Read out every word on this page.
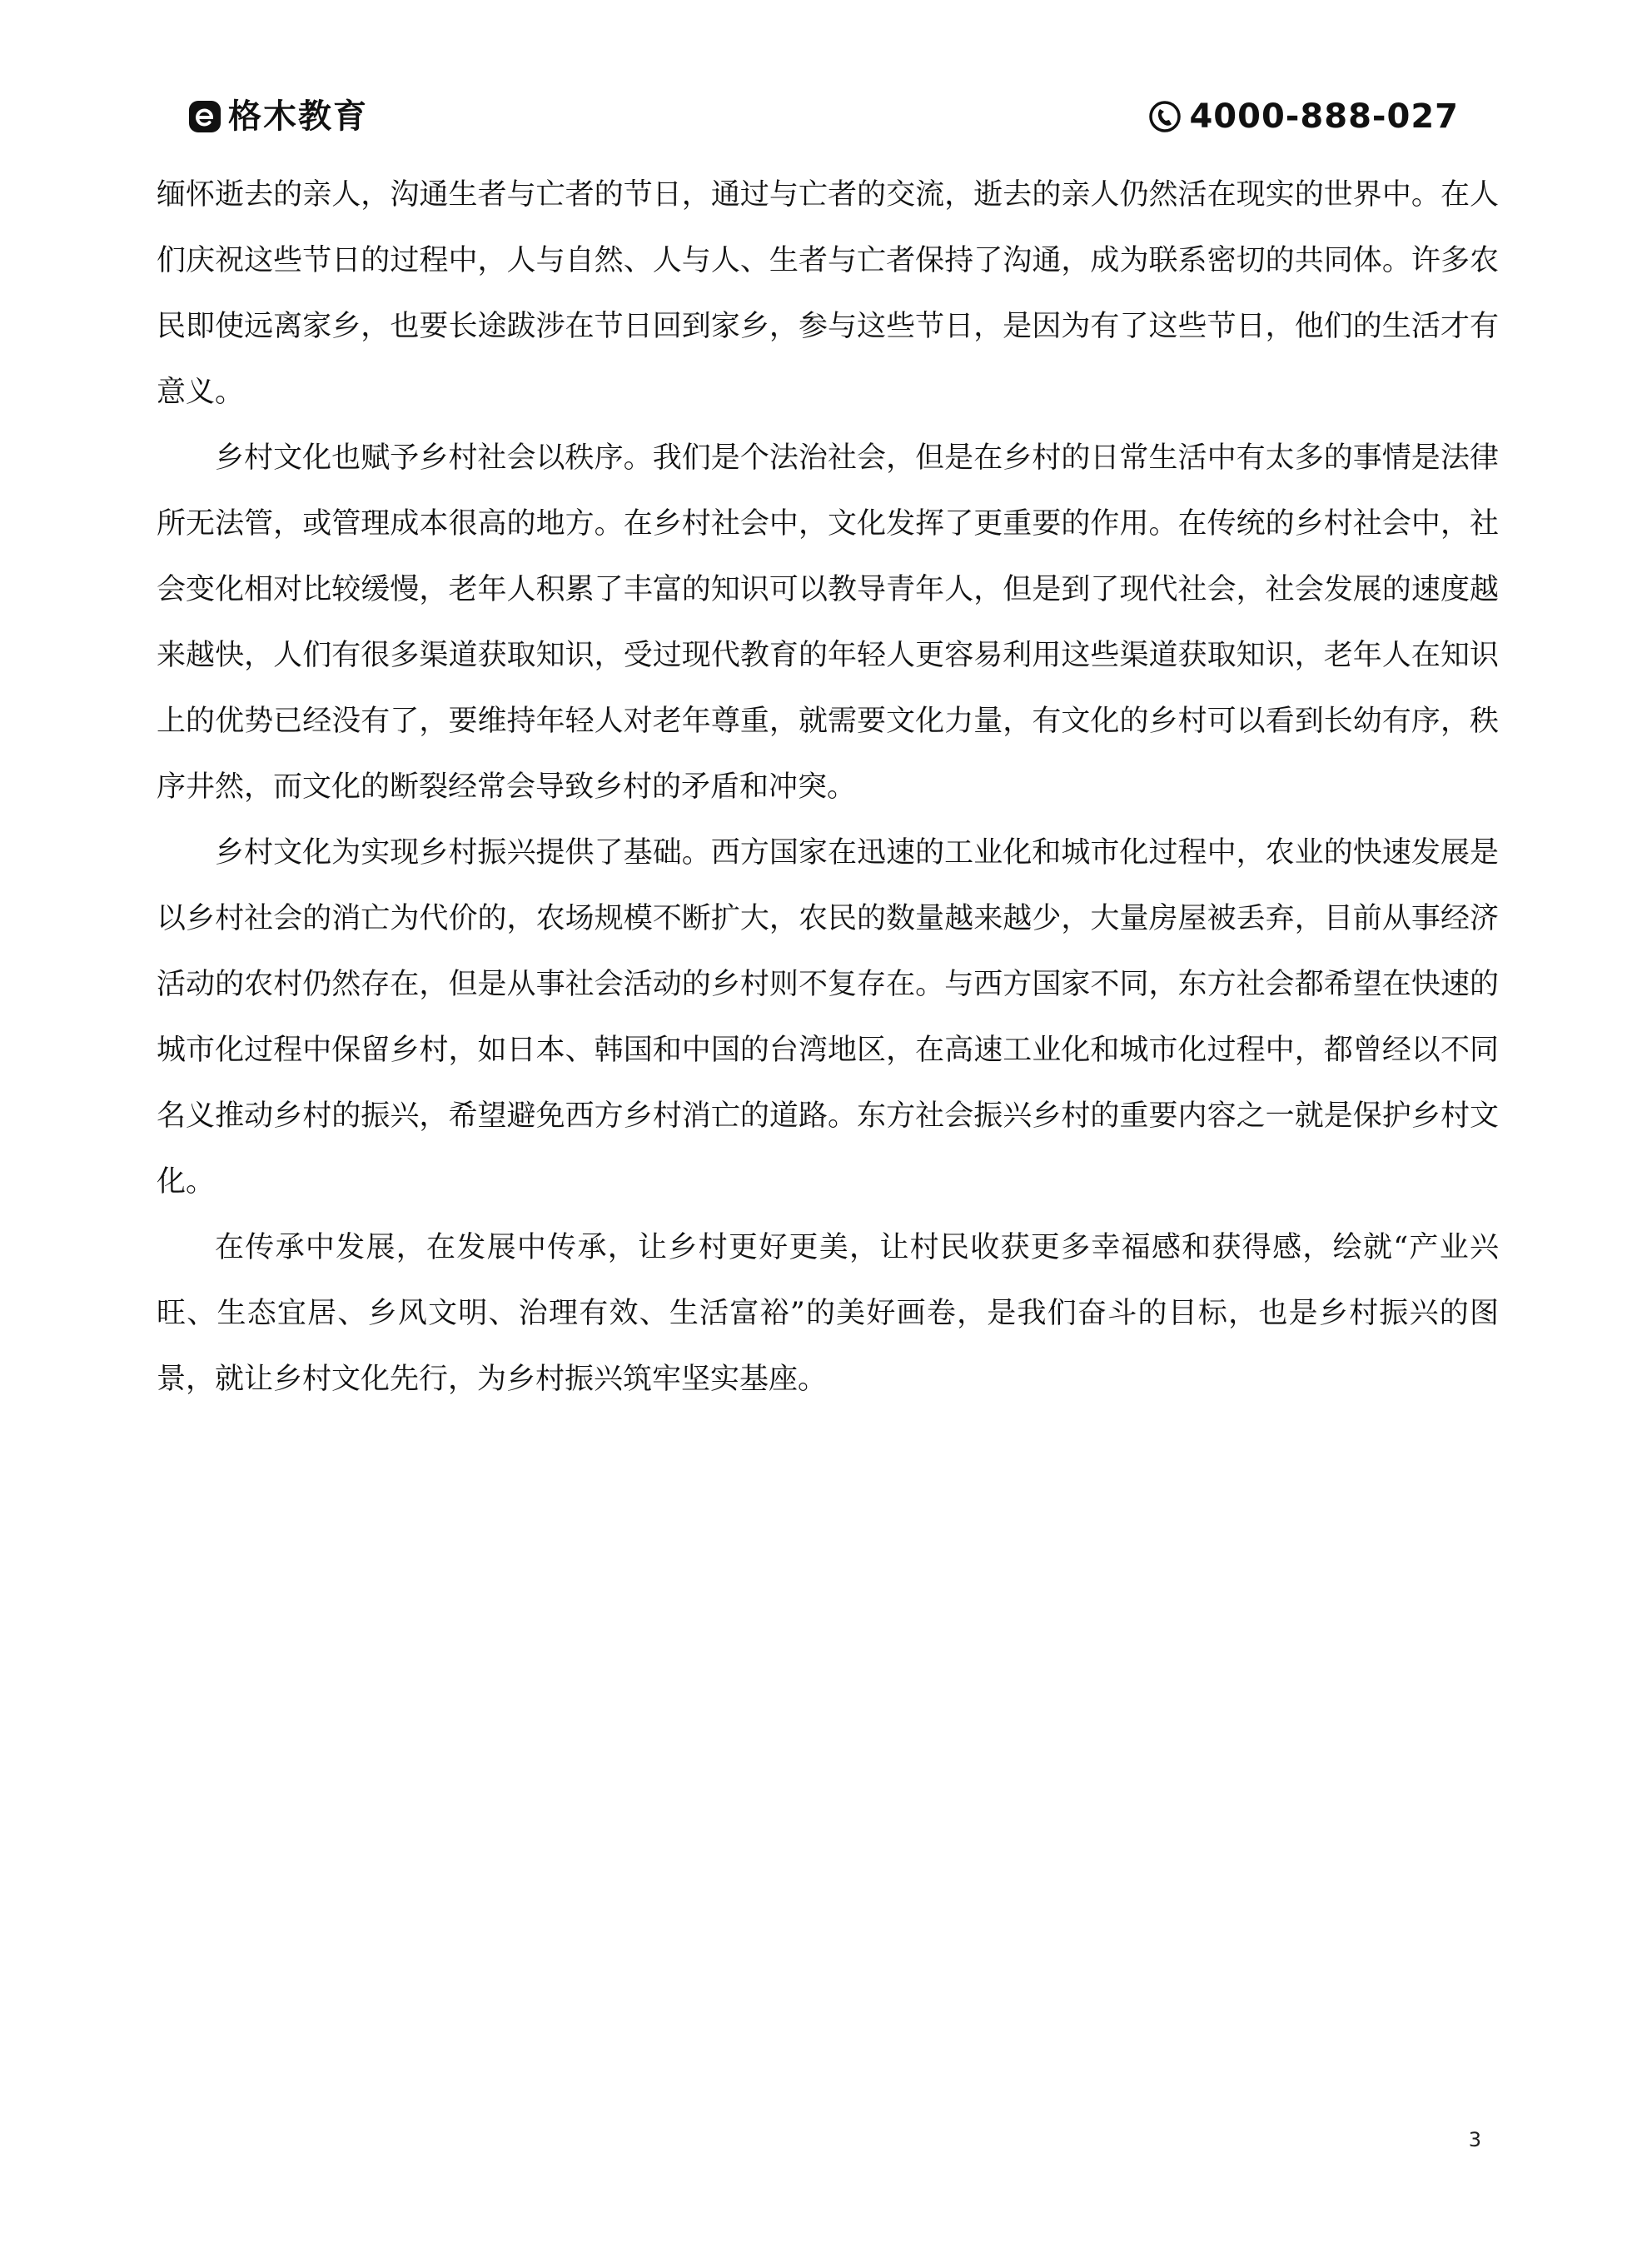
格木教育	4000-888-027

缅怀逝去的亲人，沟通生者与亡者的节日，通过与亡者的交流，逝去的亲人仍然活在现实的世界中。在人们庆祝这些节日的过程中，人与自然、人与人、生者与亡者保持了沟通，成为联系密切的共同体。许多农民即使远离家乡，也要长途跋涉在节日回到家乡，参与这些节日，是因为有了这些节日，他们的生活才有意义。

乡村文化也赋予乡村社会以秩序。我们是个法治社会，但是在乡村的日常生活中有太多的事情是法律所无法管，或管理成本很高的地方。在乡村社会中，文化发挥了更重要的作用。在传统的乡村社会中，社会变化相对比较缓慢，老年人积累了丰富的知识可以教导青年人，但是到了现代社会，社会发展的速度越来越快，人们有很多渠道获取知识，受过现代教育的年轻人更容易利用这些渠道获取知识，老年人在知识上的优势已经没有了，要维持年轻人对老年尊重，就需要文化力量，有文化的乡村可以看到长幼有序，秩序井然，而文化的断裂经常会导致乡村的矛盾和冲突。

乡村文化为实现乡村振兴提供了基础。西方国家在迅速的工业化和城市化过程中，农业的快速发展是以乡村社会的消亡为代价的，农场规模不断扩大，农民的数量越来越少，大量房屋被丢弃，目前从事经济活动的农村仍然存在，但是从事社会活动的乡村则不复存在。与西方国家不同，东方社会都希望在快速的城市化过程中保留乡村，如日本、韩国和中国的台湾地区，在高速工业化和城市化过程中，都曾经以不同名义推动乡村的振兴，希望避免西方乡村消亡的道路。东方社会振兴乡村的重要内容之一就是保护乡村文化。

在传承中发展，在发展中传承，让乡村更好更美，让村民收获更多幸福感和获得感，绘就“产业兴旺、生态宜居、乡风文明、治理有效、生活富裕”的美好画卷，是我们奋斗的目标，也是乡村振兴的图景，就让乡村文化先行，为乡村振兴筑牢坚实基座。

3
